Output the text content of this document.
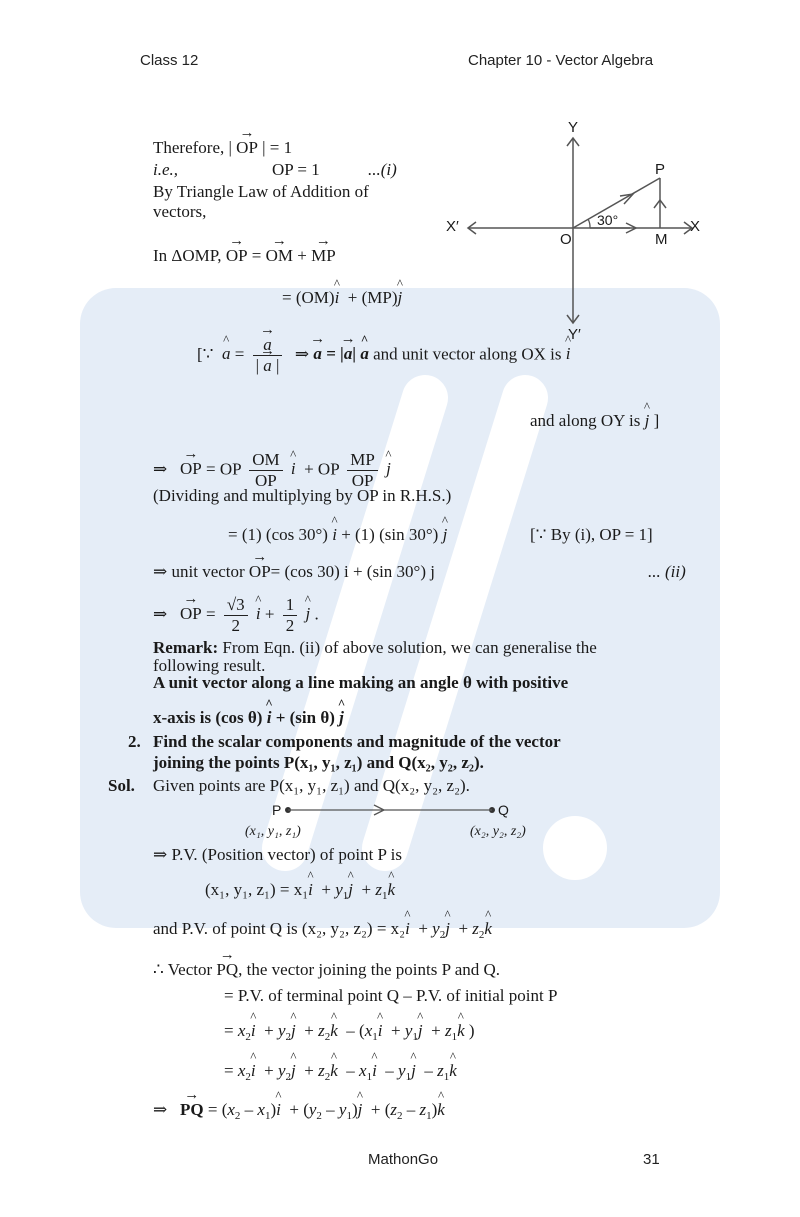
Class 12	Chapter 10 - Vector Algebra
Y
Y′
X′	X
O
P
M
30°
Therefore, | → OP | = 1
i.e.,	OP = 1	...(i)
By Triangle Law of Addition of
vectors,
In ΔOMP, → OP = → OM + → MP
= (OM)^ i + (MP)^ j
[∵ ^ a = → $\frac{a}{| \to a |}$ ⇒ → a = |→ a| ^ a and unit vector along OX is ^ i
and along OY is ^ j ]
⇒   → OP = OP $\frac{OM}{OP}$ ^ i  + OP $\frac{MP}{OP}$ ^ j
(Dividing and multiplying by OP in R.H.S.)
= (1) (cos 30°) ^ i + (1) (sin 30°) ^ j	[∵ By (i), OP = 1]
⇒ unit vector → OP= (cos 30) i + (sin 30°) j	... (ii)
⇒   → OP = $\frac{√3}{2}$ ^ $i + \frac{1}{2}$ ^ j .
Remark: From Eqn. (ii) of above solution, we can generalise the
following result.
A unit vector along a line making an angle θ with positive
x-axis is (cos θ) ^ i + (sin θ) ^ j
2. Find the scalar components and magnitude of the vector
joining the points P(x₁, y₁, z₁) and Q(x₂, y₂, z₂).
Sol. Given points are P(x₁, y₁, z₁) and Q(x₂, y₂, z₂).
P	Q
(x₁, y₁, z₁)	(x₂, y₂, z₂)
⇒ P.V. (Position vector) of point P is
(x₁, y₁, z₁) = x₁^ $i + y_1\^{}$ $j + z_1\^{}$ k
and P.V. of point Q is (x₂, y₂, z₂) = x₂^ $i + y_2\^{}$ $j + z_2\^{}$ k
∴ Vector → PQ, the vector joining the points P and Q.
= P.V. of terminal point Q – P.V. of initial point P
= $x_2\^{}$ $i + y_2\^{}$ $j + z_2\^{}$ k  – ($x_1\^{}$ $i + y_1\^{}$ $j + z_1\^{}$ k )
= $x_2\^{}$ $i + y_2\^{}$ $j + z_2\^{}$ k  – $x_1\^{}$ i  – $y_1\^{}$ j  – $z_1\^{}$ k
⇒   → PQ = ($x_2$ – $x_1)\^{}$ $i + (y_2$ – $y_1)\^{}$ $j + (z_2$ – $z_1)\^{}$ k
MathonGo	31
